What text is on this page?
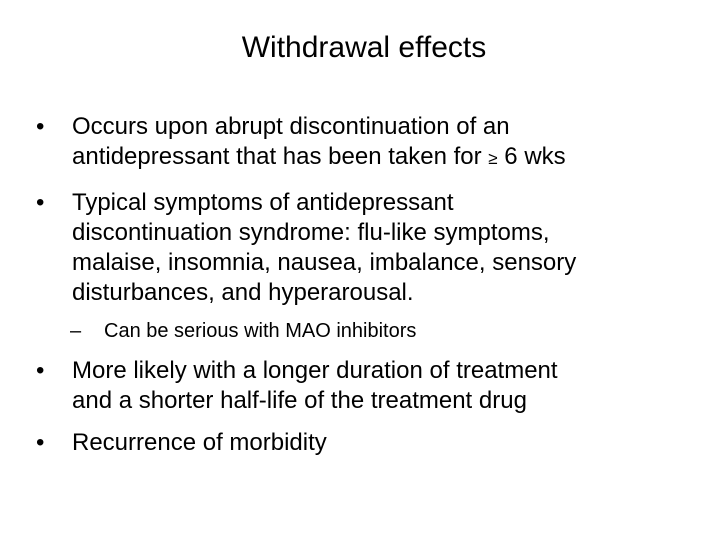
Withdrawal effects
•	Occurs upon abrupt discontinuation of an
antidepressant that has been taken for ≥ 6 wks
•	Typical symptoms of antidepressant
discontinuation syndrome: flu-like symptoms,
malaise, insomnia, nausea, imbalance, sensory
disturbances, and hyperarousal.
– Can be serious with MAO inhibitors
•	More likely with a longer duration of treatment
and a shorter half-life of the treatment drug
•	Recurrence of morbidity
